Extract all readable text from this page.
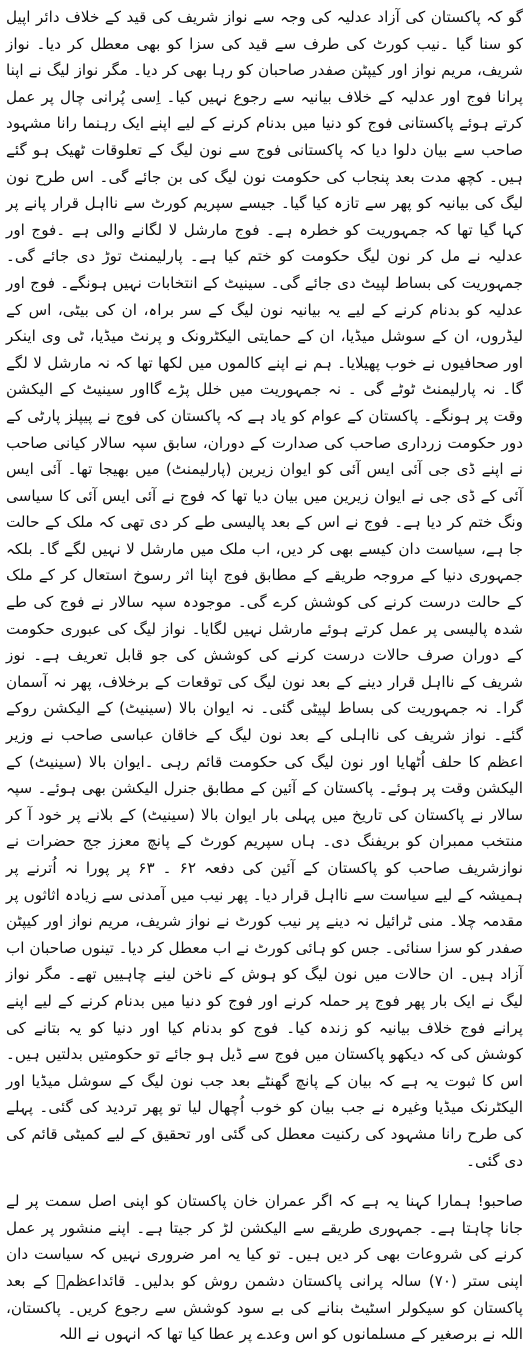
گو کہ پاکستان کی آزاد عدلیہ کی وجہ سے نواز شریف کی قید کے خلاف دائر اپیل کو سنا گیا ۔نیب کورٹ کی طرف سے قید کی سزا کو بھی معطل کر دیا۔ نواز شریف، مریم نواز اور کیپٹن صفدر صاحبان کو رہا بھی کر دیا۔ مگر نواز لیگ نے اپنا پرانا فوج اور عدلیہ کے خلاف بیانیہ سے رجوع نہیں کیا۔ اِسی پُرانی چال پر عمل کرتے ہوئے پاکستانی فوج کو دنیا میں بدنام کرنے کے لیے اپنے ایک رہنما رانا مشہود صاحب سے بیان دلوا دیا کہ پاکستانی فوج سے نون لیگ کے تعلوقات ٹھیک ہو گئے ہیں۔ کچھ مدت بعد پنجاب کی حکومت نون لیگ کی بن جائے گی۔ اس طرح نون لیگ کی بیانیہ کو پھر سے تازہ کیا گیا۔ جیسے سپریم کورٹ سے نااہل قرار پانے پر کہا گیا تھا کہ جمہوریت کو خطرہ ہے۔ فوج مارشل لا لگانے والی ہے ۔فوج اور عدلیہ نے مل کر نون لیگ حکومت کو ختم کیا ہے۔ پارلیمنٹ توڑ دی جائے گی۔ جمہوریت کی بساط لپیٹ دی جائے گی۔ سینیٹ کے انتخابات نہیں ہونگے۔ فوج اور عدلیہ کو بدنام کرنے کے لیے یہ بیانیہ نون لیگ کے سر براہ، ان کی بیٹی، اس کے لیڈروں، ان کے سوشل میڈیا، ان کے حمایتی الیکٹرونک و پرنٹ میڈیا، ٹی وی اینکر اور صحافیوں نے خوب پھیلایا۔ ہم نے اپنے کالموں میں لکھا تھا کہ نہ مارشل لا لگے گا۔ نہ پارلیمنٹ ٹوٹے گی ۔ نہ جمہوریت میں خلل پڑے گااور سینیٹ کے الیکشن وقت پر ہونگے۔ پاکستان کے عوام کو یاد ہے کہ پاکستان کی فوج نے پیپلز پارٹی کے دور حکومت زرداری صاحب کی صدارت کے دوران، سابق سپہ سالار کیانی صاحب نے اپنے ڈی جی آئی ایس آئی کو ایوان زیرین (پارلیمنٹ) میں بھیجا تھا۔ آئی ایس آئی کے ڈی جی نے ایوان زیرین میں بیان دیا تھا کہ فوج نے آئی ایس آئی کا سیاسی ونگ ختم کر دیا ہے۔ فوج نے اس کے بعد پالیسی طے کر دی تھی کہ ملک کے حالت جا ہے، سیاست دان کیسے بھی کر دیں، اب ملک میں مارشل لا نہیں لگے گا۔ بلکہ جمہوری دنیا کے مروجہ طریقے کے مطابق فوج اپنا اثر رسوخ استعال کر کے ملک کے حالت درست کرنے کی کوشش کرے گی۔ موجودہ سپہ سالار نے فوج کی طے شدہ پالیسی پر عمل کرتے ہوئے مارشل نہیں لگایا۔ نواز لیگ کی عبوری حکومت کے دوران صرف حالات درست کرنے کی کوشش کی جو قابل تعریف ہے۔ نوز شریف کے نااہل قرار دینے کے بعد نون لیگ کی توقعات کے برخلاف، پھر نہ آسمان گرا۔ نہ جمہوریت کی بساط لپیٹی گئی۔ نہ ایوان بالا (سینیٹ) کے الیکشن روکے گئے۔ نواز شریف کی نااہلی کے بعد نون لیگ کے خاقان عباسی صاحب نے وزیر اعظم کا حلف اُٹھایا اور نون لیگ کی حکومت قائم رہی ۔ایوان بالا (سینیٹ) کے الیکشن وقت پر ہوئے۔ پاکستان کے آئین کے مطابق جنرل الیکشن بھی ہوئے۔ سپہ سالار نے پاکستان کی تاریخ میں پہلی بار ایوان بالا (سینیٹ) کے بلانے پر خود آ کر منتخب ممبران کو بریفنگ دی۔ ہاں سپریم کورٹ کے پانچ معزز جج حضرات نے نوازشریف صاحب کو پاکستان کے آئین کی دفعہ ۶۲ ۔ ۶۳ پر پورا نہ اُترنے پر ہمیشہ کے لیے سیاست سے نااہل قرار دیا۔ پھر نیب میں آمدنی سے زیادہ اثاثوں پر مقدمہ چلا۔ منی ٹرائیل نہ دینے پر نیب کورٹ نے نواز شریف، مریم نواز اور کیپٹن صفدر کو سزا سنائی۔ جس کو ہائی کورٹ نے اب معطل کر دیا۔ تینوں صاحبان اب آزاد ہیں۔ ان حالات میں نون لیگ کو ہوش کے ناخن لینے چاہییں تھے۔ مگر نواز لیگ نے ایک بار پھر فوج پر حملہ کرنے اور فوج کو دنیا میں بدنام کرنے کے لیے اپنے پرانے فوج خلاف بیانیہ کو زندہ کیا۔ فوج کو بدنام کیا اور دنیا کو یہ بتانے کی کوشش کی کہ دیکھو پاکستان میں فوج سے ڈیل ہو جائے تو حکومتیں بدلتیں ہیں۔ اس کا ثبوت یہ ہے کہ بیان کے پانچ گھنٹے بعد جب نون لیگ کے سوشل میڈیا اور الیکٹرنک میڈیا وغیرہ نے جب بیان کو خوب اُچھال لیا تو پھر تردید کی گئی۔ پہلے کی طرح رانا مشہود کی رکنیت معطل کی گئی اور تحقیق کے لیے کمیٹی قائم کی دی گئی۔

صاحبو! ہمارا کہنا یہ ہے کہ اگر عمران خان پاکستان کو اپنی اصل سمت پر لے جانا چاہتا ہے۔ جمہوری طریقے سے الیکشن لڑ کر جیتا ہے۔ اپنے منشور پر عمل کرنے کی شروعات بھی کر دیں ہیں۔ تو کیا یہ امر ضروری نہیں کہ سیاست دان اپنی ستر (۷۰) سالہ پرانی پاکستان دشمن روش کو بدلیں۔ قائداعظمؒ کے بعد پاکستان کو سیکولر اسٹیٹ بنانے کی بے سود کوشش سے رجوع کریں۔ پاکستان، اللہ نے برصغیر کے مسلمانوں کو اس وعدے پر عطا کیا تھا کہ انہوں نے اللہ
